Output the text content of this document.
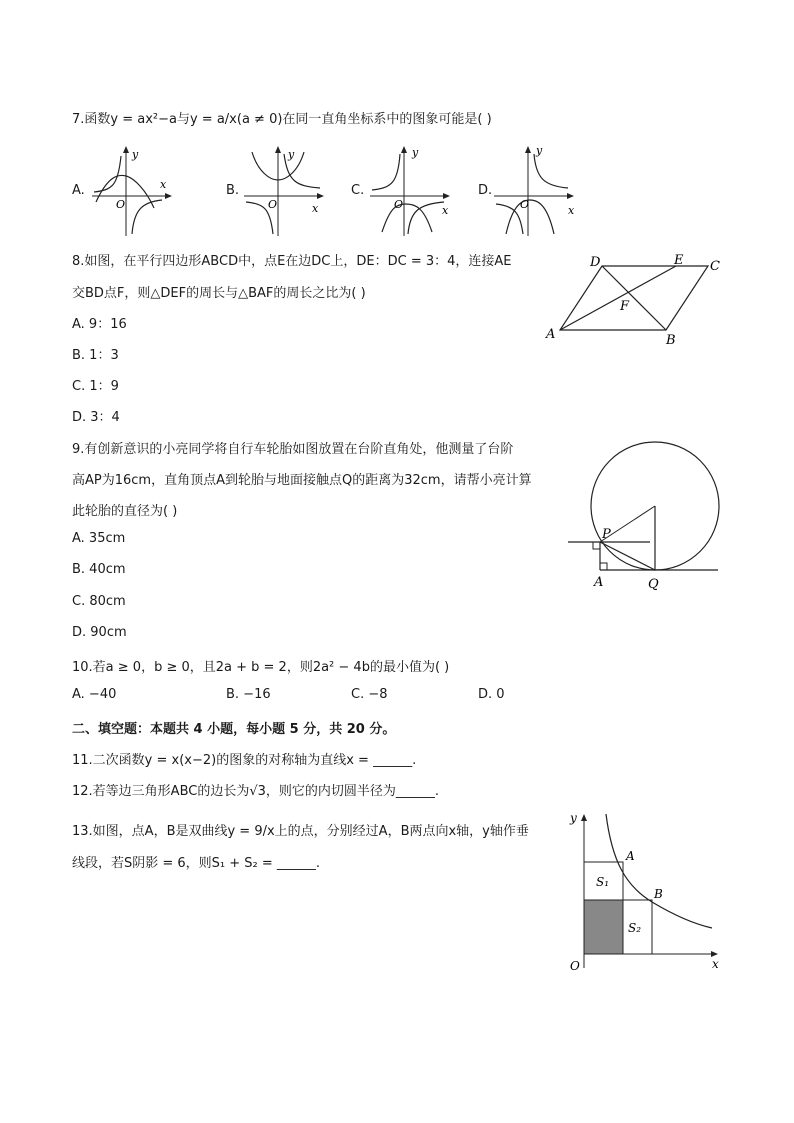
7.函数y = ax²−a与y = a/x(a ≠ 0)在同一直角坐标系中的图象可能是( )
A.
y
x
O
B.
y
x
O
C.
y
x
O
D.
y
x
O
8.如图，在平行四边形ABCD中，点E在边DC上，DE：DC = 3：4，连接AE
交BD点F，则△DEF的周长与△BAF的周长之比为( )
A. 9：16
B. 1：3
C. 1：9
D. 3：4
A	B
C
D	E
F
9.有创新意识的小亮同学将自行车轮胎如图放置在台阶直角处，他测量了台阶
高AP为16cm，直角顶点A到轮胎与地面接触点Q的距离为32cm，请帮小亮计算
此轮胎的直径为( )
A. 35cm
B. 40cm
C. 80cm
D. 90cm
P
A	Q
10.若a ≥ 0，b ≥ 0，且2a + b = 2，则2a² − 4b的最小值为( )
A. −40	B. −16	C. −8	D. 0
二、填空题：本题共 4 小题，每小题 5 分，共 20 分。
11.二次函数y = x(x−2)的图象的对称轴为直线x = ______.
12.若等边三角形ABC的边长为√3，则它的内切圆半径为______.
13.如图，点A，B是双曲线y = 9/x上的点，分别经过A，B两点向x轴，y轴作垂
线段，若S阴影 = 6，则S₁ + S₂ = ______.
y
x
O
A
B
S₁
S₂
